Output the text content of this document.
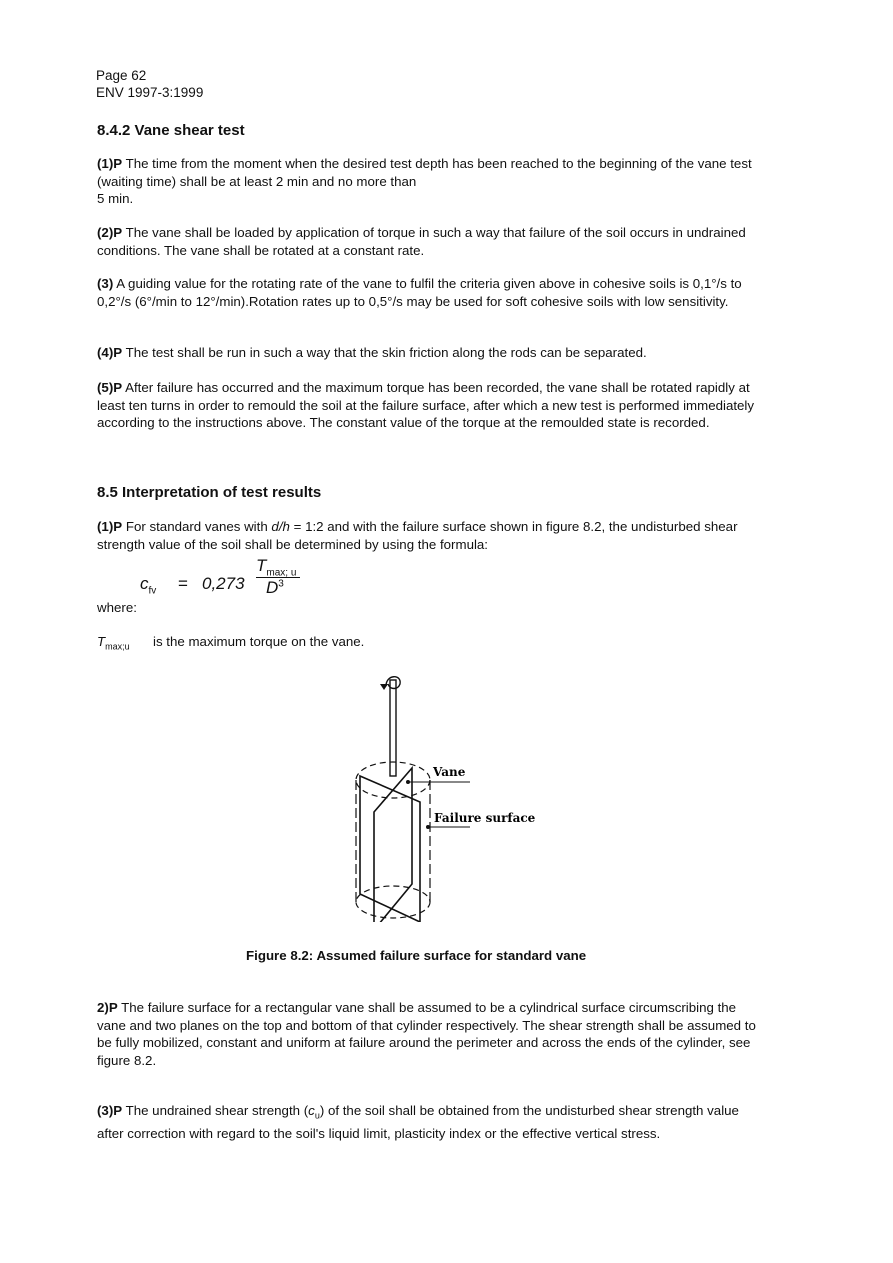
Page 62
ENV 1997-3:1999
8.4.2 Vane shear test
(1)P The time from the moment when the desired test depth has been reached to the beginning of the vane test (waiting time) shall be at least 2 min and no more than
5 min.
(2)P The vane shall be loaded by application of torque in such a way that failure of the soil occurs in undrained conditions. The vane shall be rotated at a constant rate.
(3) A guiding value for the rotating rate of the vane to fulfil the criteria given above in cohesive soils is 0,1°/s to 0,2°/s (6°/min to 12°/min).Rotation rates up to 0,5°/s may be used for soft cohesive soils with low sensitivity.
(4)P The test shall be run in such a way that the skin friction along the rods can be separated.
(5)P After failure has occurred and the maximum torque has been recorded, the vane shall be rotated rapidly at least ten turns in order to remould the soil at the failure surface, after which a new test is performed immediately according to the instructions above. The constant value of the torque at the remoulded state is recorded.
8.5 Interpretation of test results
(1)P For standard vanes with d/h = 1:2 and with the failure surface shown in figure 8.2, the undisturbed shear strength value of the soil shall be determined by using the formula:
$c_{fv} = 0,273$
$T_{max; u}$
$D^3$
where:
$T_{max;u}$ is the maximum torque on the vane.
Vane
Failure surface
Figure 8.2: Assumed failure surface for standard vane
2)P The failure surface for a rectangular vane shall be assumed to be a cylindrical surface circumscribing the vane and two planes on the top and bottom of that cylinder respectively. The shear strength shall be assumed to be fully mobilized, constant and uniform at failure around the perimeter and across the ends of the cylinder, see
figure 8.2.
(3)P The undrained shear strength $(c_u)$ of the soil shall be obtained from the undisturbed shear strength value after correction with regard to the soil's liquid limit, plasticity index or the effective vertical stress.
